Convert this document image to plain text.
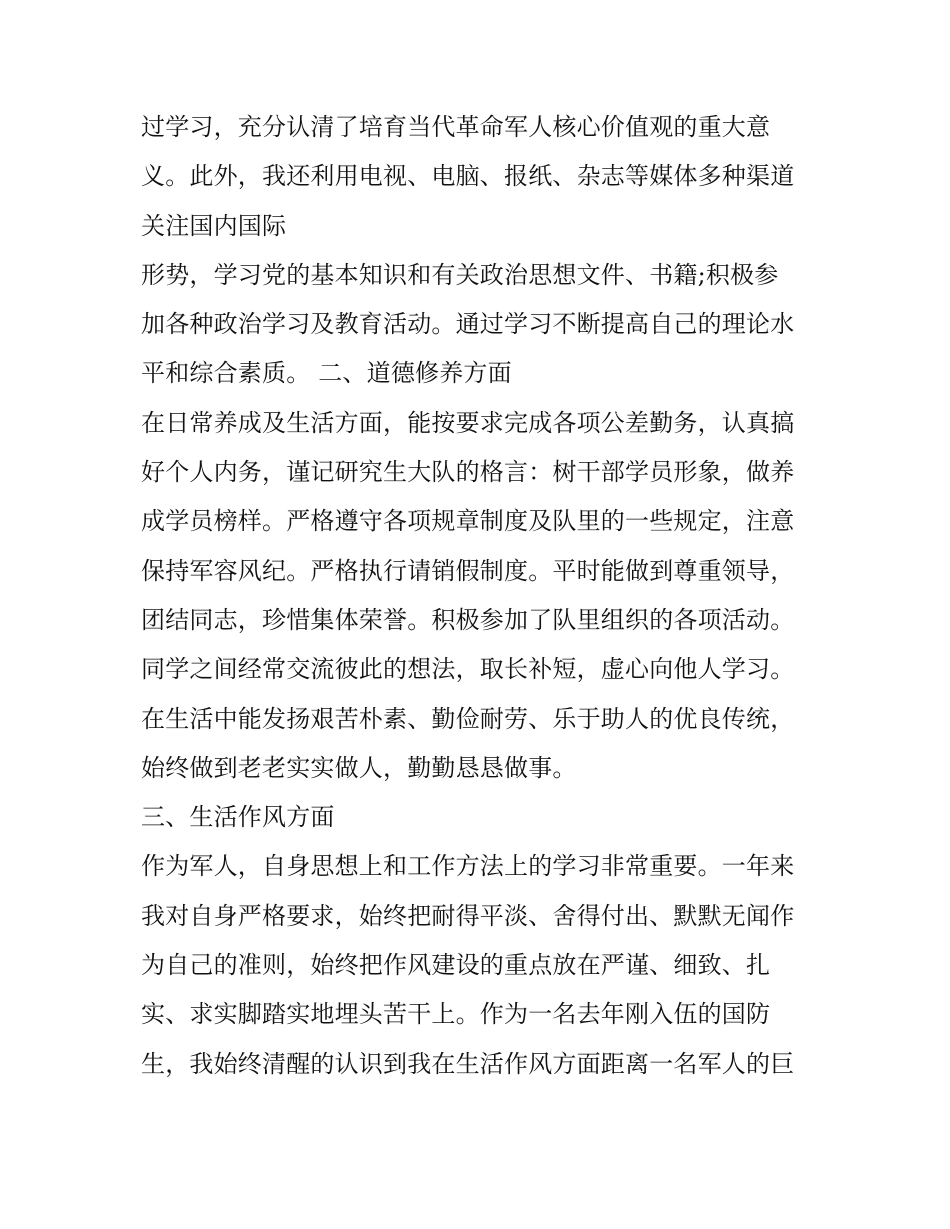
过学习，充分认清了培育当代革命军人核心价值观的重大意
义。此外，我还利用电视、电脑、报纸、杂志等媒体多种渠道
关注国内国际
形势，学习党的基本知识和有关政治思想文件、书籍;积极参
加各种政治学习及教育活动。通过学习不断提高自己的理论水
平和综合素质。 二、道德修养方面
在日常养成及生活方面，能按要求完成各项公差勤务，认真搞
好个人内务，谨记研究生大队的格言：树干部学员形象，做养
成学员榜样。严格遵守各项规章制度及队里的一些规定，注意
保持军容风纪。严格执行请销假制度。平时能做到尊重领导，
团结同志，珍惜集体荣誉。积极参加了队里组织的各项活动。
同学之间经常交流彼此的想法，取长补短，虚心向他人学习。
在生活中能发扬艰苦朴素、勤俭耐劳、乐于助人的优良传统，
始终做到老老实实做人，勤勤恳恳做事。
三、生活作风方面
作为军人，自身思想上和工作方法上的学习非常重要。一年来
我对自身严格要求，始终把耐得平淡、舍得付出、默默无闻作
为自己的准则，始终把作风建设的重点放在严谨、细致、扎
实、求实脚踏实地埋头苦干上。作为一名去年刚入伍的国防
生，我始终清醒的认识到我在生活作风方面距离一名军人的巨
